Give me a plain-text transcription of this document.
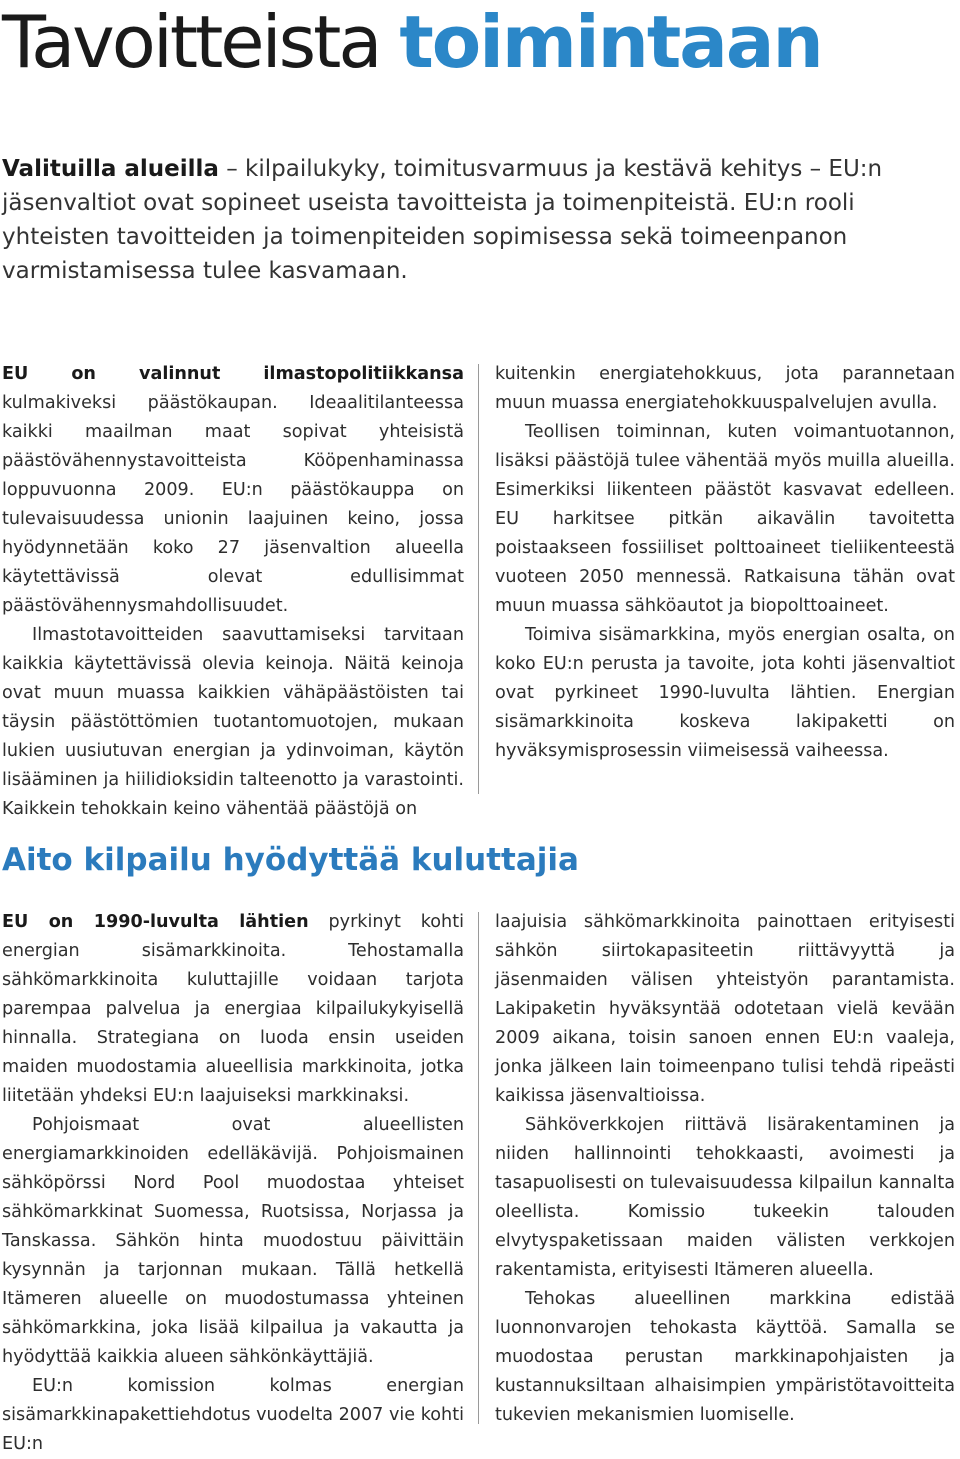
Tavoitteista toimintaan

Valituilla alueilla – kilpailukyky, toimitusvarmuus ja kestävä kehitys – EU:n jäsenvaltiot ovat sopineet useista tavoitteista ja toimenpiteistä. EU:n rooli yhteisten tavoitteiden ja toimenpiteiden sopimisessa sekä toimeenpanon varmistamisessa tulee kasvamaan.

EU on valinnut ilmastopolitiikkansa kulmakiveksi päästökaupan. Ideaalitilanteessa kaikki maailman maat sopivat yhteisistä päästövähennystavoitteista Kööpenhaminassa loppuvuonna 2009. EU:n päästökauppa on tulevaisuudessa unionin laajuinen keino, jossa hyödynnetään koko 27 jäsenvaltion alueella käytettävissä olevat edullisimmat päästövähennysmahdollisuudet.

Ilmastotavoitteiden saavuttamiseksi tarvitaan kaikkia käytettävissä olevia keinoja. Näitä keinoja ovat muun muassa kaikkien vähäpäästöisten tai täysin päästöttömien tuotantomuotojen, mukaan lukien uusiutuvan energian ja ydinvoiman, käytön lisääminen ja hiilidioksidin talteenotto ja varastointi. Kaikkein tehokkain keino vähentää päästöjä on

kuitenkin energiatehokkuus, jota parannetaan muun muassa energiatehokkuuspalvelujen avulla.

Teollisen toiminnan, kuten voimantuotannon, lisäksi päästöjä tulee vähentää myös muilla alueilla. Esimerkiksi liikenteen päästöt kasvavat edelleen. EU harkitsee pitkän aikavälin tavoitetta poistaakseen fossiiliset polttoaineet tieliikenteestä vuoteen 2050 mennessä. Ratkaisuna tähän ovat muun muassa sähköautot ja biopolttoaineet.

Toimiva sisämarkkina, myös energian osalta, on koko EU:n perusta ja tavoite, jota kohti jäsenvaltiot ovat pyrkineet 1990-luvulta lähtien. Energian sisämarkkinoita koskeva lakipaketti on hyväksymisprosessin viimeisessä vaiheessa.

Aito kilpailu hyödyttää kuluttajia

EU on 1990-luvulta lähtien pyrkinyt kohti energian sisämarkkinoita. Tehostamalla sähkömarkkinoita kuluttajille voidaan tarjota parempaa palvelua ja energiaa kilpailukykyisellä hinnalla. Strategiana on luoda ensin useiden maiden muodostamia alueellisia markkinoita, jotka liitetään yhdeksi EU:n laajuiseksi markkinaksi.

Pohjoismaat ovat alueellisten energiamarkkinoiden edelläkävijä. Pohjoismainen sähköpörssi Nord Pool muodostaa yhteiset sähkömarkkinat Suomessa, Ruotsissa, Norjassa ja Tanskassa. Sähkön hinta muodostuu päivittäin kysynnän ja tarjonnan mukaan. Tällä hetkellä Itämeren alueelle on muodostumassa yhteinen sähkömarkkina, joka lisää kilpailua ja vakautta ja hyödyttää kaikkia alueen sähkönkäyttäjiä.

EU:n komission kolmas energian sisämarkkinapakettiehdotus vuodelta 2007 vie kohti EU:n

laajuisia sähkömarkkinoita painottaen erityisesti sähkön siirtokapasiteetin riittävyyttä ja jäsenmaiden välisen yhteistyön parantamista. Lakipaketin hyväksyntää odotetaan vielä kevään 2009 aikana, toisin sanoen ennen EU:n vaaleja, jonka jälkeen lain toimeenpano tulisi tehdä ripeästi kaikissa jäsenvaltioissa.

Sähköverkkojen riittävä lisärakentaminen ja niiden hallinnointi tehokkaasti, avoimesti ja tasapuolisesti on tulevaisuudessa kilpailun kannalta oleellista. Komissio tukeekin talouden elvytyspaketissaan maiden välisten verkkojen rakentamista, erityisesti Itämeren alueella.

Tehokas alueellinen markkina edistää luonnonvarojen tehokasta käyttöä. Samalla se muodostaa perustan markkinapohjaisten ja kustannuksiltaan alhaisimpien ympäristötavoitteita tukevien mekanismien luomiselle.
